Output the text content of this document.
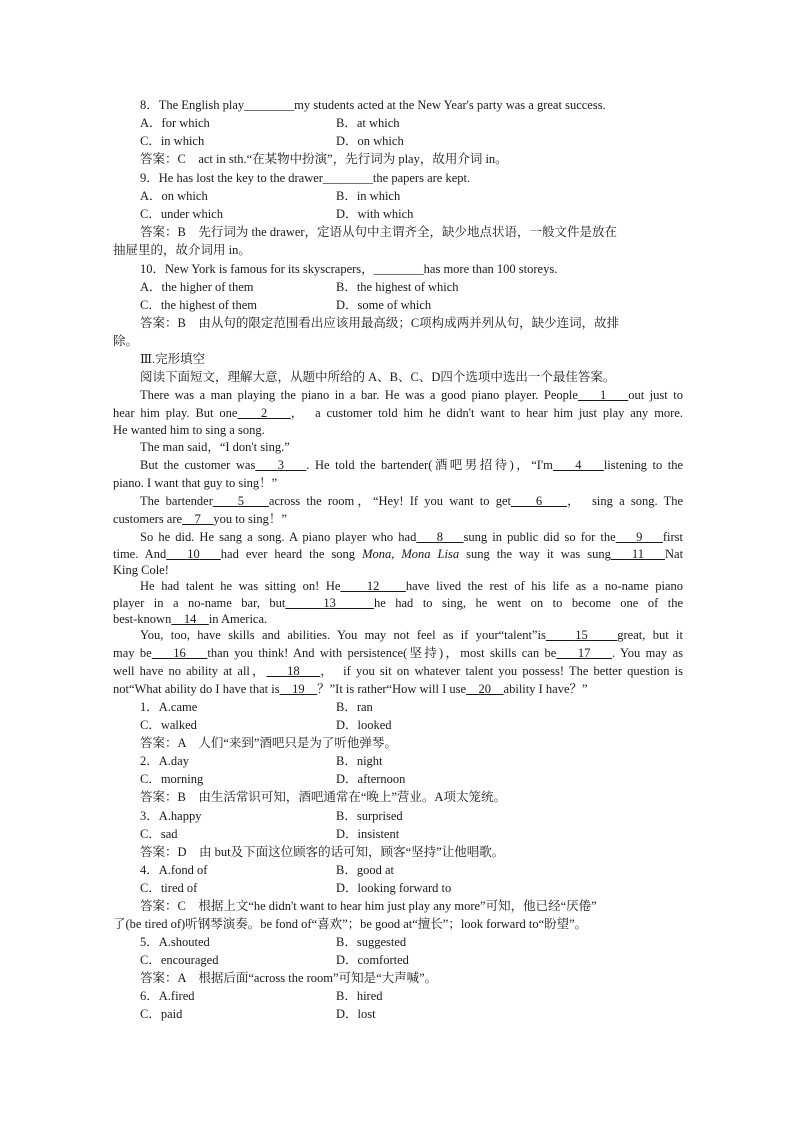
8．The English play________my students acted at the New Year's party was a great success.
A．for which	B．at which
C．in which	D．on which
答案：C　act in sth.“在某物中扮演”，先行词为 play，故用介词 in。
9．He has lost the key to the drawer________the papers are kept.
A．on which	B．in which
C．under which	D．with which
答案：B　先行词为 the drawer，定语从句中主谓齐全，缺少地点状语，一般文件是放在
抽屉里的，故介词用 in。
10．New York is famous for its skyscrapers，________has more than 100 storeys.
A．the higher of them	B．the highest of which
C．the highest of them	D．some of which
答案：B　由从句的限定范围看出应该用最高级；C项构成两并列从句，缺少连词，故排
除。
Ⅲ.完形填空
阅读下面短文，理解大意，从题中所给的 A、B、C、D四个选项中选出一个最佳答案。
There was a man playing the piano in a bar. He was a good piano player. People 1 out just to
hear him play. But one 2 ，　a customer told him he didn't want to hear him just play any more.
He wanted him to sing a song.
The man said，“I don't sing.”
But the customer was 3 . He told the bartender(酒吧男招待)，“I'm 4 listening to the
piano. I want that guy to sing！”
The bartender 5 across the room，“Hey! If you want to get 6 ，　sing a song. The
customers are 7 you to sing！”
So he did. He sang a song. A piano player who had 8 sung in public did so for the 9 first
time. And 10 had ever heard the song Mona, Mona Lisa sung the way it was sung 11 Nat
King Cole!
He had talent he was sitting on! He 12 have lived the rest of his life as a no-name piano
player in a no-name bar, but	13	he had to sing, he went on to become one of the
best-known 14 in America.
You, too, have skills and abilities. You may not feel as if your“talent”is 15 great, but it
may be 16 than you think! And with persistence(坚持)，most skills can be 17 . You may as
well have no ability at all， 18 ，　if you sit on whatever talent you possess! The better question is
not“What ability do I have that is 19 ？”It is rather“How will I use 20 ability I have？”
1．A.came	B．ran
C．walked	D．looked
答案：A　人们“来到”酒吧只是为了听他弹琴。
2．A.day	B．night
C．morning	D．afternoon
答案：B　由生活常识可知，酒吧通常在“晚上”营业。A项太笼统。
3．A.happy	B．surprised
C．sad	D．insistent
答案：D　由 but及下面这位顾客的话可知，顾客“坚持”让他唱歌。
4．A.fond of	B．good at
C．tired of	D．looking forward to
答案：C　根据上文“he didn't want to hear him just play any more”可知，他已经“厌倦”
了(be tired of)听钢琴演奏。be fond of“喜欢”；be good at“擅长”；look forward to“盼望”。
5．A.shouted	B．suggested
C．encouraged	D．comforted
答案：A　根据后面“across the room”可知是“大声喊”。
6．A.fired	B．hired
C．paid	D．lost
